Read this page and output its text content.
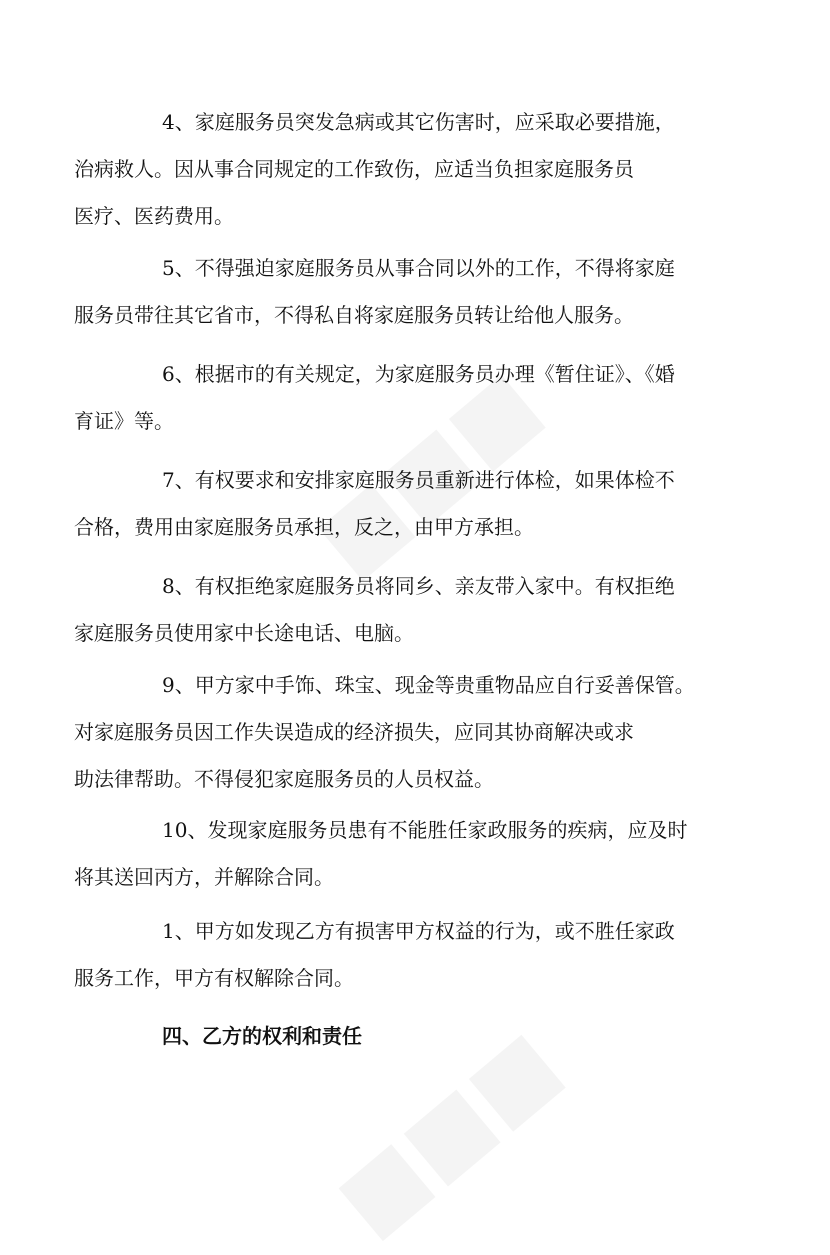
4、家庭服务员突发急病或其它伤害时，应采取必要措施，
治病救人。因从事合同规定的工作致伤，应适当负担家庭服务员
医疗、医药费用。

5、不得强迫家庭服务员从事合同以外的工作，不得将家庭
服务员带往其它省市，不得私自将家庭服务员转让给他人服务。

6、根据市的有关规定，为家庭服务员办理《暂住证》、《婚
育证》等。

7、有权要求和安排家庭服务员重新进行体检，如果体检不
合格，费用由家庭服务员承担，反之，由甲方承担。

8、有权拒绝家庭服务员将同乡、亲友带入家中。有权拒绝
家庭服务员使用家中长途电话、电脑。

9、甲方家中手饰、珠宝、现金等贵重物品应自行妥善保管。
对家庭服务员因工作失误造成的经济损失，应同其协商解决或求
助法律帮助。不得侵犯家庭服务员的人员权益。

10、发现家庭服务员患有不能胜任家政服务的疾病，应及时
将其送回丙方，并解除合同。

1、甲方如发现乙方有损害甲方权益的行为，或不胜任家政
服务工作，甲方有权解除合同。

四、乙方的权利和责任
